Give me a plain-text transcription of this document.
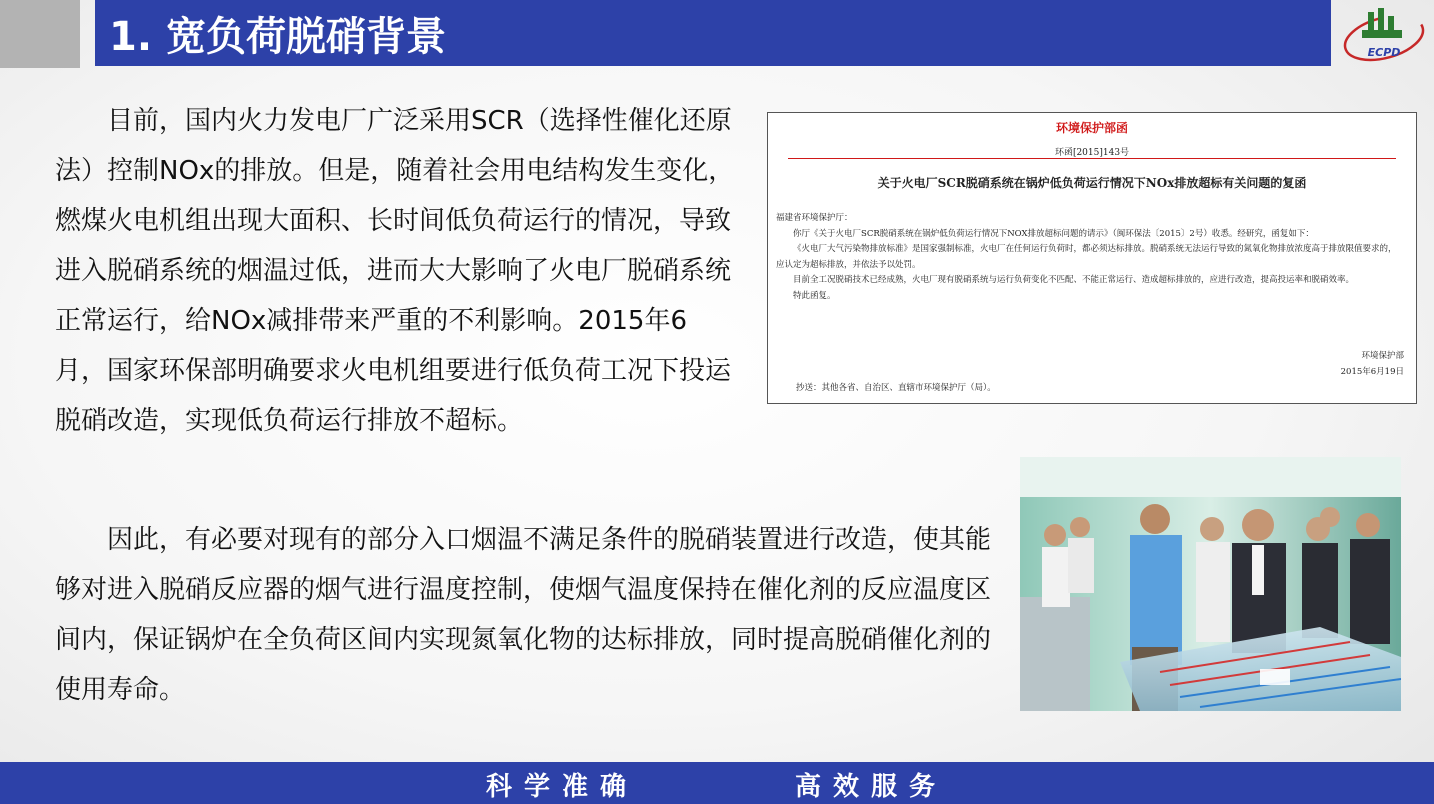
1. 宽负荷脱硝背景	ECPD

目前，国内火力发电厂广泛采用SCR（选择性催化还原法）控制NOx的排放。但是，随着社会用电结构发生变化，燃煤火电机组出现大面积、长时间低负荷运行的情况，导致进入脱硝系统的烟温过低，进而大大影响了火电厂脱硝系统正常运行，给NOx减排带来严重的不利影响。2015年6月，国家环保部明确要求火电机组要进行低负荷工况下投运脱硝改造，实现低负荷运行排放不超标。

因此，有必要对现有的部分入口烟温不满足条件的脱硝装置进行改造，使其能够对进入脱硝反应器的烟气进行温度控制，使烟气温度保持在催化剂的反应温度区间内，保证锅炉在全负荷区间内实现氮氧化物的达标排放，同时提高脱硝催化剂的使用寿命。

环境保护部函
环函[2015]143号
关于火电厂SCR脱硝系统在锅炉低负荷运行情况下NOx排放超标有关问题的复函

福建省环境保护厅：

你厅《关于火电厂SCR脱硝系统在锅炉低负荷运行情况下NOX排放超标问题的请示》（闽环保法〔2015〕2号）收悉。经研究，函复如下：

《火电厂大气污染物排放标准》是国家强制标准，火电厂在任何运行负荷时，都必须达标排放。脱硝系统无法运行导致的氮氧化物排放浓度高于排放限值要求的，应认定为超标排放，并依法予以处罚。

目前全工况脱硝技术已经成熟，火电厂现有脱硝系统与运行负荷变化不匹配、不能正常运行、造成超标排放的，应进行改造，提高投运率和脱硝效率。

特此函复。

环境保护部
2015年6月19日
抄送：其他各省、自治区、直辖市环境保护厅（局）。
科学准确	高效服务
